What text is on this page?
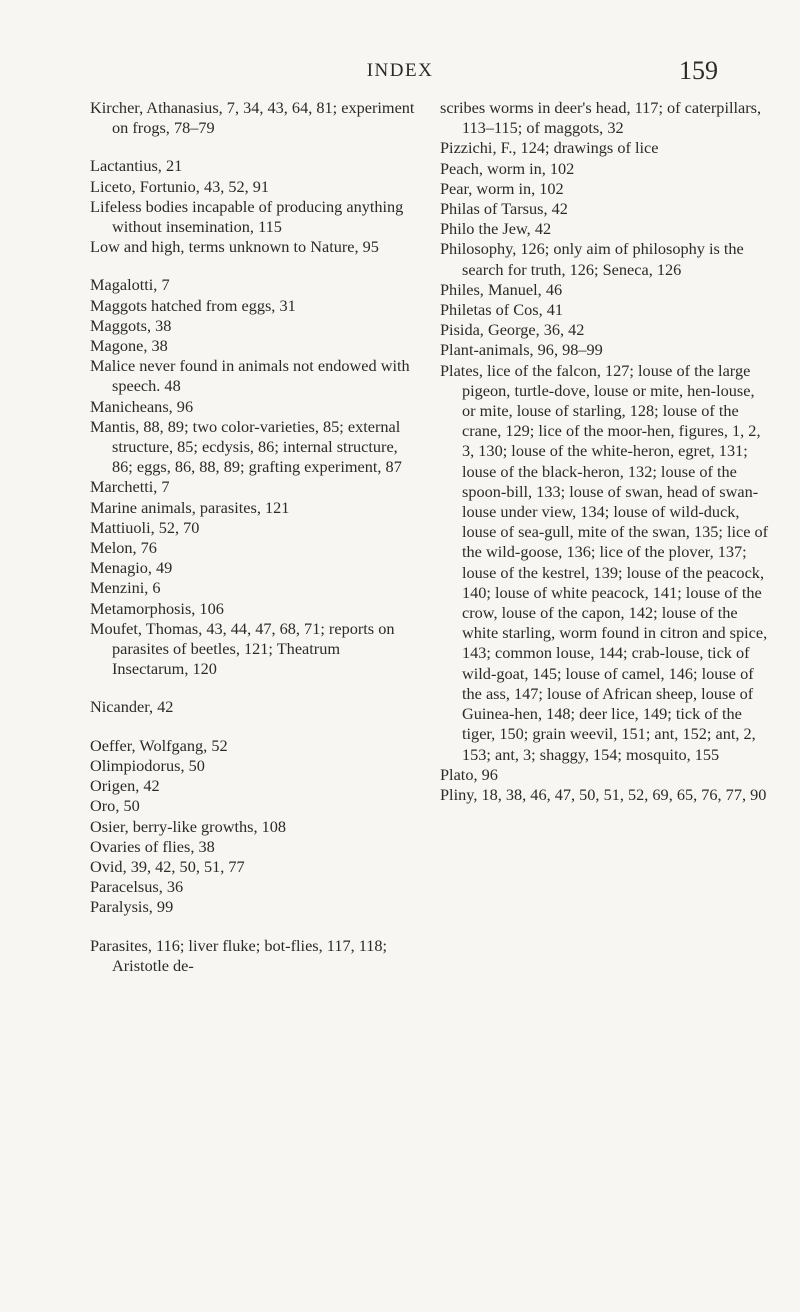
INDEX	159
Kircher, Athanasius, 7, 34, 43, 64, 81; experiment on frogs, 78–79
Lactantius, 21
Liceto, Fortunio, 43, 52, 91
Lifeless bodies incapable of producing anything without insemination, 115
Low and high, terms unknown to Nature, 95
Magalotti, 7
Maggots hatched from eggs, 31
Maggots, 38
Magone, 38
Malice never found in animals not endowed with speech. 48
Manicheans, 96
Mantis, 88, 89; two color-varieties, 85; external structure, 85; ecdysis, 86; internal structure, 86; eggs, 86, 88, 89; grafting experiment, 87
Marchetti, 7
Marine animals, parasites, 121
Mattiuoli, 52, 70
Melon, 76
Menagio, 49
Menzini, 6
Metamorphosis, 106
Moufet, Thomas, 43, 44, 47, 68, 71; reports on parasites of beetles, 121; Theatrum Insectarum, 120
Nicander, 42
Oeffer, Wolfgang, 52
Olimpiodorus, 50
Origen, 42
Oro, 50
Osier, berry-like growths, 108
Ovaries of flies, 38
Ovid, 39, 42, 50, 51, 77
Paracelsus, 36
Paralysis, 99
Parasites, 116; liver fluke; bot-flies, 117, 118; Aristotle de-
scribes worms in deer's head, 117; of caterpillars, 113–115; of maggots, 32
Pizzichi, F., 124; drawings of lice
Peach, worm in, 102
Pear, worm in, 102
Philas of Tarsus, 42
Philo the Jew, 42
Philosophy, 126; only aim of philosophy is the search for truth, 126; Seneca, 126
Philes, Manuel, 46
Philetas of Cos, 41
Pisida, George, 36, 42
Plant-animals, 96, 98–99
Plates, lice of the falcon, 127; louse of the large pigeon, turtle-dove, louse or mite, hen-louse, or mite, louse of starling, 128; louse of the crane, 129; lice of the moor-hen, figures, 1, 2, 3, 130; louse of the white-heron, egret, 131; louse of the black-heron, 132; louse of the spoon-bill, 133; louse of swan, head of swan-louse under view, 134; louse of wild-duck, louse of sea-gull, mite of the swan, 135; lice of the wild-goose, 136; lice of the plover, 137; louse of the kestrel, 139; louse of the peacock, 140; louse of white peacock, 141; louse of the crow, louse of the capon, 142; louse of the white starling, worm found in citron and spice, 143; common louse, 144; crab-louse, tick of wild-goat, 145; louse of camel, 146; louse of the ass, 147; louse of African sheep, louse of Guinea-hen, 148; deer lice, 149; tick of the tiger, 150; grain weevil, 151; ant, 152; ant, 2, 153; ant, 3; shaggy, 154; mosquito, 155
Plato, 96
Pliny, 18, 38, 46, 47, 50, 51, 52, 69, 65, 76, 77, 90
